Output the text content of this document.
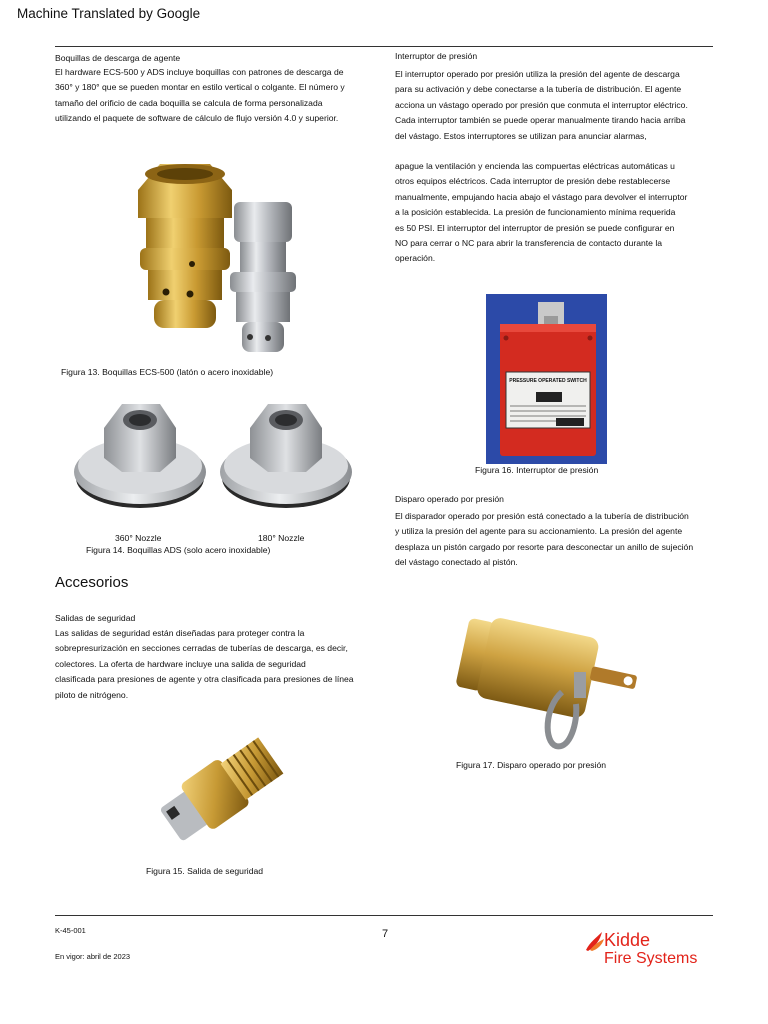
Machine Translated by Google
Boquillas de descarga de agente

El hardware ECS-500 y ADS incluye boquillas con patrones de descarga de

360° y 180° que se pueden montar en estilo vertical o colgante. El número y

tamaño del orificio de cada boquilla se calcula de forma personalizada

utilizando el paquete de software de cálculo de flujo versión 4.0 y superior.

Figura 13. Boquillas ECS-500 (latón o acero inoxidable)
360° Nozzle	180° Nozzle
Figura 14. Boquillas ADS (solo acero inoxidable)
Accesorios
Salidas de seguridad

Las salidas de seguridad están diseñadas para proteger contra la

sobrepresurización en secciones cerradas de tuberías de descarga, es decir,

colectores. La oferta de hardware incluye una salida de seguridad

clasificada para presiones de agente y otra clasificada para presiones de línea

piloto de nitrógeno.

Figura 15. Salida de seguridad
Interruptor de presión

El interruptor operado por presión utiliza la presión del agente de descarga

para su activación y debe conectarse a la tubería de distribución. El agente

acciona un vástago operado por presión que conmuta el interruptor eléctrico.

Cada interruptor también se puede operar manualmente tirando hacia arriba

del vástago. Estos interruptores se utilizan para anunciar alarmas,

apague la ventilación y encienda las compuertas eléctricas automáticas u

otros equipos eléctricos. Cada interruptor de presión debe restablecerse

manualmente, empujando hacia abajo el vástago para devolver el interruptor

a la posición establecida. La presión de funcionamiento mínima requerida

es 50 PSI. El interruptor del interruptor de presión se puede configurar en

NO para cerrar o NC para abrir la transferencia de contacto durante la

operación.

PRESSURE OPERATED SWITCH
Figura 16. Interruptor de presión
Disparo operado por presión

El disparador operado por presión está conectado a la tubería de distribución

y utiliza la presión del agente para su accionamiento. La presión del agente

desplaza un pistón cargado por resorte para desconectar un anillo de sujeción

del vástago conectado al pistón.

Figura 17. Disparo operado por presión
K-45-001	7
En vigor: abril de 2023
Kidde
Fire Systems
